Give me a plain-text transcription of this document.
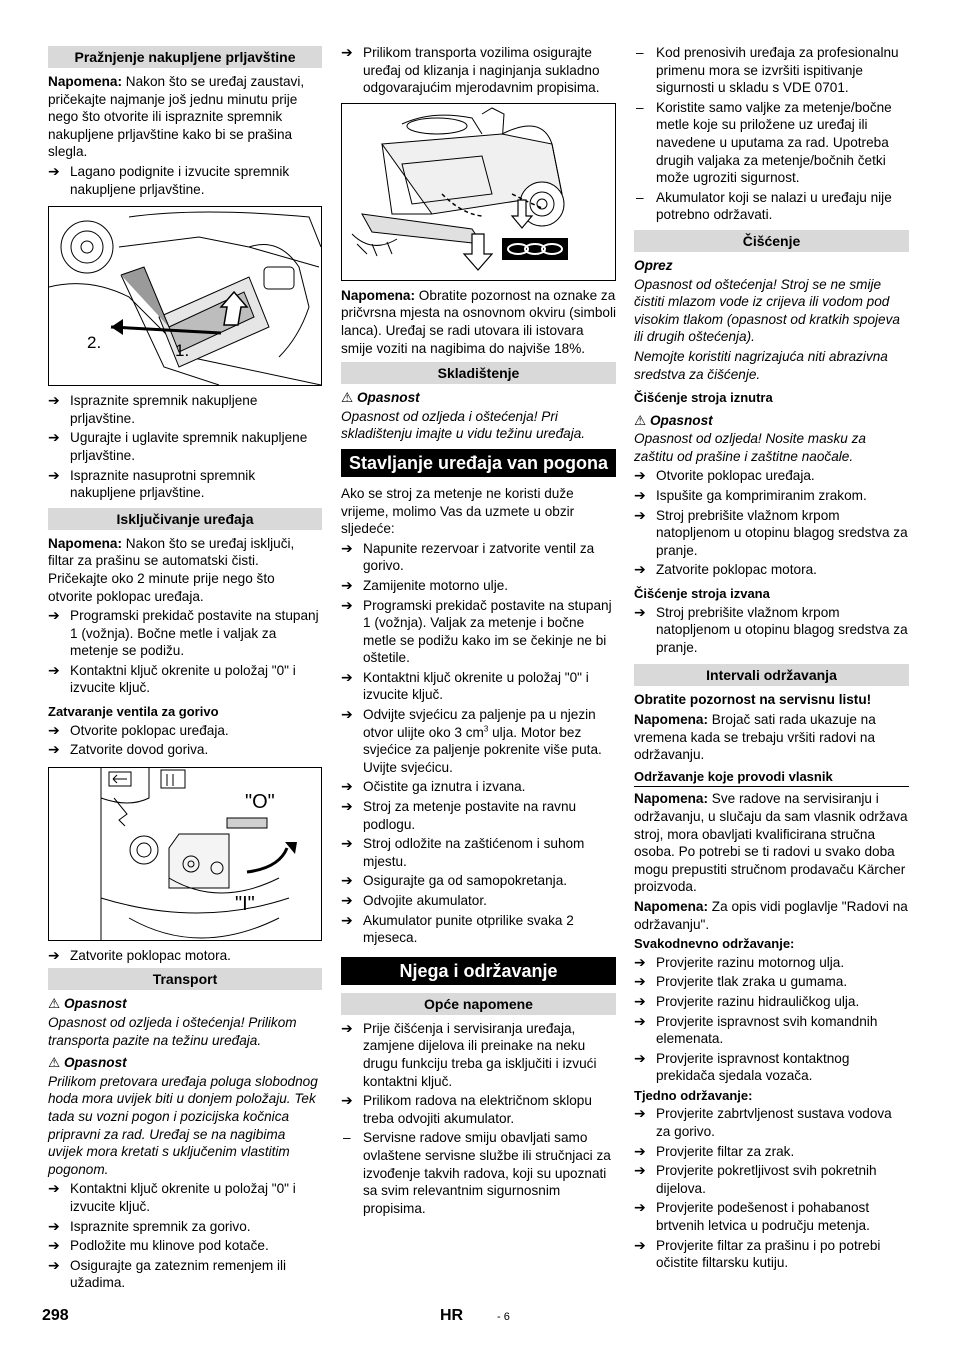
Pražnjenje nakupljene prljavštine
Napomena: Nakon što se uređaj zaustavi, pričekajte najmanje još jednu minutu prije nego što otvorite ili ispraznite spremnik nakupljene prljavštine kako bi se prašina slegla.
➔ Lagano podignite i izvucite spremnik nakupljene prljavštine.
2.	1.
➔ Ispraznite spremnik nakupljene prljavštine.
➔ Ugurajte i uglavite spremnik nakupljene prljavštine.
➔ Ispraznite nasuprotni spremnik nakupljene prljavštine.
Isključivanje uređaja
Napomena: Nakon što se uređaj isključi, filtar za prašinu se automatski čisti. Pričekajte oko 2 minute prije nego što otvorite poklopac uređaja.
➔ Programski prekidač postavite na stupanj 1 (vožnja). Bočne metle i valjak za metenje se podižu.
➔ Kontaktni ključ okrenite u položaj "0" i izvucite ključ.
Zatvaranje ventila za gorivo
➔ Otvorite poklopac uređaja.
➔ Zatvorite dovod goriva.
"O"
"I"
➔ Zatvorite poklopac motora.
Transport
⚠ Opasnost
Opasnost od ozljeda i oštećenja! Prilikom transporta pazite na težinu uređaja.
⚠ Opasnost
Prilikom pretovara uređaja poluga slobodnog hoda mora uvijek biti u donjem položaju. Tek tada su vozni pogon i pozicijska kočnica pripravni za rad. Uređaj se na nagibima uvijek mora kretati s uključenim vlastitim pogonom.
➔ Kontaktni ključ okrenite u položaj "0" i izvucite ključ.
➔ Ispraznite spremnik za gorivo.
➔ Podložite mu klinove pod kotače.
➔ Osigurajte ga zateznim remenjem ili užadima.
➔ Prilikom transporta vozilima osigurajte uređaj od klizanja i naginjanja sukladno odgovarajućim mjerodavnim propisima.
Napomena: Obratite pozornost na oznake za pričvrsna mjesta na osnovnom okviru (simboli lanca). Uređaj se radi utovara ili istovara smije voziti na nagibima do najviše 18%.
Skladištenje
⚠ Opasnost
Opasnost od ozljeda i oštećenja! Pri skladištenju imajte u vidu težinu uređaja.
Stavljanje uređaja van pogona
Ako se stroj za metenje ne koristi duže vrijeme, molimo Vas da uzmete u obzir sljedeće:
➔ Napunite rezervoar i zatvorite ventil za gorivo.
➔ Zamijenite motorno ulje.
➔ Programski prekidač postavite na stupanj 1 (vožnja). Valjak za metenje i bočne metle se podižu kako im se čekinje ne bi oštetile.
➔ Kontaktni ključ okrenite u položaj "0" i izvucite ključ.
➔ Odvijte svjećicu za paljenje pa u njezin otvor ulijte oko 3 $cm^3$ ulja. Motor bez svjećice za paljenje pokrenite više puta. Uvijte svjećicu.
➔ Očistite ga iznutra i izvana.
➔ Stroj za metenje postavite na ravnu podlogu.
➔ Stroj odložite na zaštićenom i suhom mjestu.
➔ Osigurajte ga od samopokretanja.
➔ Odvojite akumulator.
➔ Akumulator punite otprilike svaka 2 mjeseca.
Njega i održavanje
Opće napomene
➔ Prije čišćenja i servisiranja uređaja, zamjene dijelova ili preinake na neku drugu funkciju treba ga isključiti i izvući kontaktni ključ.
➔ Prilikom radova na električnom sklopu treba odvojiti akumulator.
– Servisne radove smiju obavljati samo ovlaštene servisne službe ili stručnjaci za izvođenje takvih radova, koji su upoznati sa svim relevantnim sigurnosnim propisima.
– Kod prenosivih uređaja za profesionalnu primenu mora se izvršiti ispitivanje sigurnosti u skladu s VDE 0701.
– Koristite samo valjke za metenje/bočne metle koje su priložene uz uređaj ili navedene u uputama za rad. Upotreba drugih valjaka za metenje/bočnih četki može ugroziti sigurnost.
– Akumulator koji se nalazi u uređaju nije potrebno održavati.
Čišćenje
Oprez
Opasnost od oštećenja! Stroj se ne smije čistiti mlazom vode iz crijeva ili vodom pod visokim tlakom (opasnost od kratkih spojeva ili drugih oštećenja).
Nemojte koristiti nagrizajuća niti abrazivna sredstva za čišćenje.
Čišćenje stroja iznutra
⚠ Opasnost
Opasnost od ozljeda! Nosite masku za zaštitu od prašine i zaštitne naočale.
➔ Otvorite poklopac uređaja.
➔ Ispušite ga komprimiranim zrakom.
➔ Stroj prebrišite vlažnom krpom natopljenom u otopinu blagog sredstva za pranje.
➔ Zatvorite poklopac motora.
Čišćenje stroja izvana
➔ Stroj prebrišite vlažnom krpom natopljenom u otopinu blagog sredstva za pranje.
Intervali održavanja
Obratite pozornost na servisnu listu!
Napomena: Brojač sati rada ukazuje na vremena kada se trebaju vršiti radovi na održavanju.
Održavanje koje provodi vlasnik
Napomena: Sve radove na servisiranju i održavanju, u slučaju da sam vlasnik održava stroj, mora obavljati kvalificirana stručna osoba. Po potrebi se ti radovi u svako doba mogu prepustiti stručnom prodavaču Kärcher proizvoda.
Napomena: Za opis vidi poglavlje "Radovi na održavanju".
Svakodnevno održavanje:
➔ Provjerite razinu motornog ulja.
➔ Provjerite tlak zraka u gumama.
➔ Provjerite razinu hidrauličkog ulja.
➔ Provjerite ispravnost svih komandnih elemenata.
➔ Provjerite ispravnost kontaktnog prekidača sjedala vozača.
Tjedno održavanje:
➔ Provjerite zabrtvljenost sustava vodova za gorivo.
➔ Provjerite filtar za zrak.
➔ Provjerite pokretljivost svih pokretnih dijelova.
➔ Provjerite podešenost i pohabanost brtvenih letvica u području metenja.
➔ Provjerite filtar za prašinu i po potrebi očistite filtarsku kutiju.
298	HR	- 6
